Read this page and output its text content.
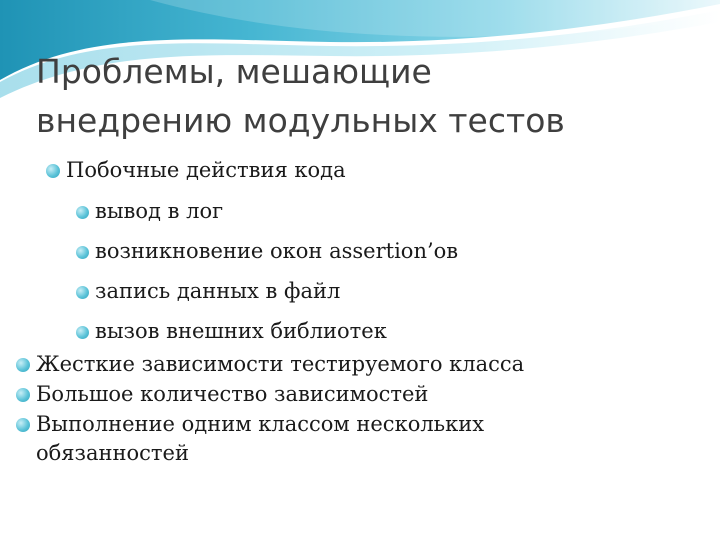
Проблемы, мешающие
внедрению модульных тестов
Побочные действия кода
вывод в лог
возникновение окон assertion’ов
запись данных в файл
вызов внешних библиотек
Жесткие зависимости тестируемого класса
Большое количество зависимостей
Выполнение одним классом нескольких
обязанностей
